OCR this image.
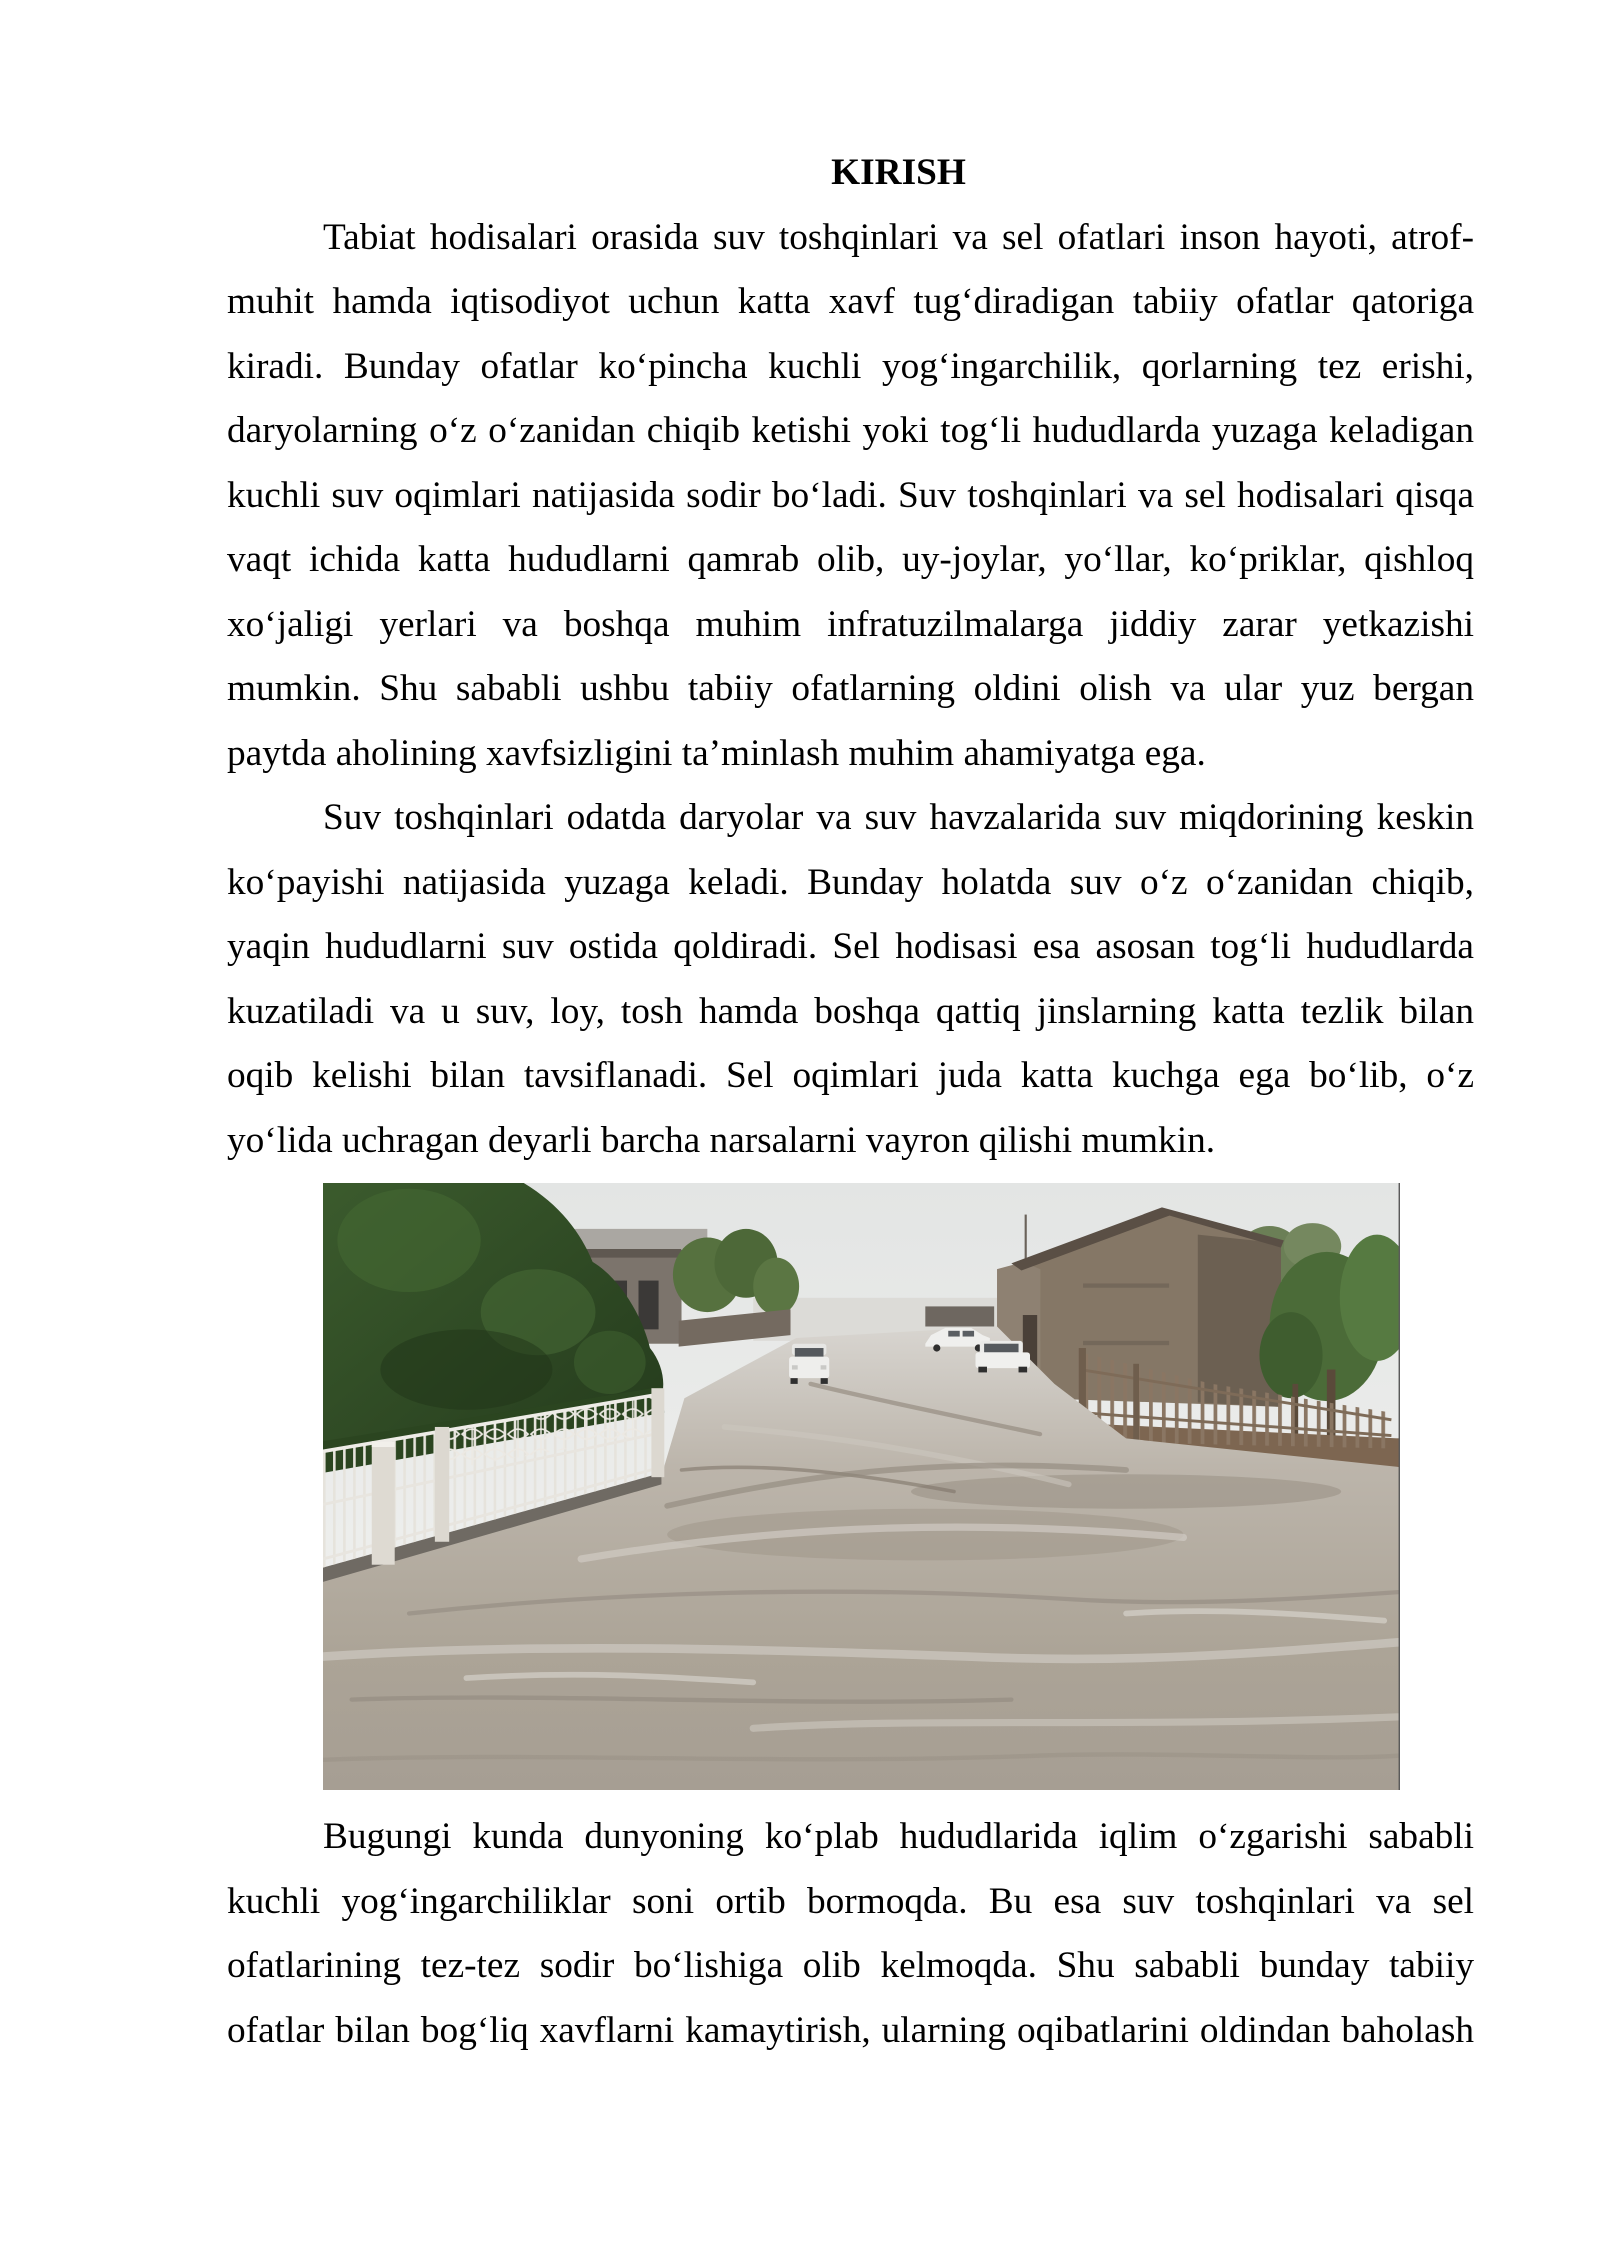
KIRISH
Tabiat hodisalari orasida suv toshqinlari va sel ofatlari inson hayoti, atrof-
muhit hamda iqtisodiyot uchun katta xavf tug‘diradigan tabiiy ofatlar qatoriga
kiradi. Bunday ofatlar ko‘pincha kuchli yog‘ingarchilik, qorlarning tez erishi,
daryolarning o‘z o‘zanidan chiqib ketishi yoki tog‘li hududlarda yuzaga keladigan
kuchli suv oqimlari natijasida sodir bo‘ladi. Suv toshqinlari va sel hodisalari qisqa
vaqt ichida katta hududlarni qamrab olib, uy-joylar, yo‘llar, ko‘priklar, qishloq
xo‘jaligi yerlari va boshqa muhim infratuzilmalarga jiddiy zarar yetkazishi
mumkin. Shu sababli ushbu tabiiy ofatlarning oldini olish va ular yuz bergan
paytda aholining xavfsizligini ta’minlash muhim ahamiyatga ega.
Suv toshqinlari odatda daryolar va suv havzalarida suv miqdorining keskin
ko‘payishi natijasida yuzaga keladi. Bunday holatda suv o‘z o‘zanidan chiqib,
yaqin hududlarni suv ostida qoldiradi. Sel hodisasi esa asosan tog‘li hududlarda
kuzatiladi va u suv, loy, tosh hamda boshqa qattiq jinslarning katta tezlik bilan
oqib kelishi bilan tavsiflanadi. Sel oqimlari juda katta kuchga ega bo‘lib, o‘z
yo‘lida uchragan deyarli barcha narsalarni vayron qilishi mumkin.
Bugungi kunda dunyoning ko‘plab hududlarida iqlim o‘zgarishi sababli
kuchli yog‘ingarchiliklar soni ortib bormoqda. Bu esa suv toshqinlari va sel
ofatlarining tez-tez sodir bo‘lishiga olib kelmoqda. Shu sababli bunday tabiiy
ofatlar bilan bog‘liq xavflarni kamaytirish, ularning oqibatlarini oldindan baholash
